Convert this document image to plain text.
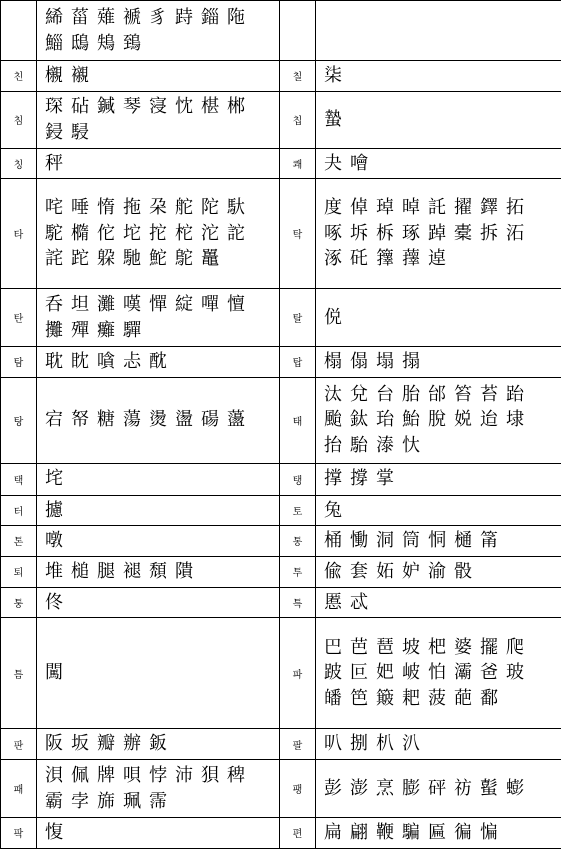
	絺菑薙褫豸跱錙陁鯔鴟鴩鵄		
친	櫬襯	칠	柒
침	琛砧鍼琴寖忱椹郴鋟駸	칩	蟄
칭	秤	쾌	夬噲
타	咤唾惰拖朶舵陀馱駝橢佗坨拕柁沱詑詫跎躱馳鮀鴕鼉	탁	度倬琸晫託擢鐸拓啄坼柝琢踔橐拆沰涿矺籜蘀逴
탄	呑坦灘嘆憚綻嘽憻攤殫癱驒	탈	侻
탐	耽眈嗿忐酖	탑	榻傝塌搨
탕	宕帑糖蕩燙盪碭蘯	태	汰兌台胎邰笞苔跆颱鈦珆鮐脫娧迨埭抬駘溙忕
택	垞	탱	撑撐掌
터	攄	토	兔
톤	噋	통	桶慟洞筒恫樋筩
퇴	堆槌腿褪頹隤	투	偸套妬妒渝骰
퉁	佟	특	慝忒
틈	闖	파	巴芭琶坡杷婆擺爬跛叵妑岥怕灞爸玻皤笆簸耙菠葩鄱
판	阪坂瓣辦鈑	팔	叭捌朳汃
패	浿佩牌唄悖沛狽稗霸孛旆珮霈	팽	彭澎烹膨砰祊蟚蟛
팍	愎	편	扁翩鞭騙匾徧惼
